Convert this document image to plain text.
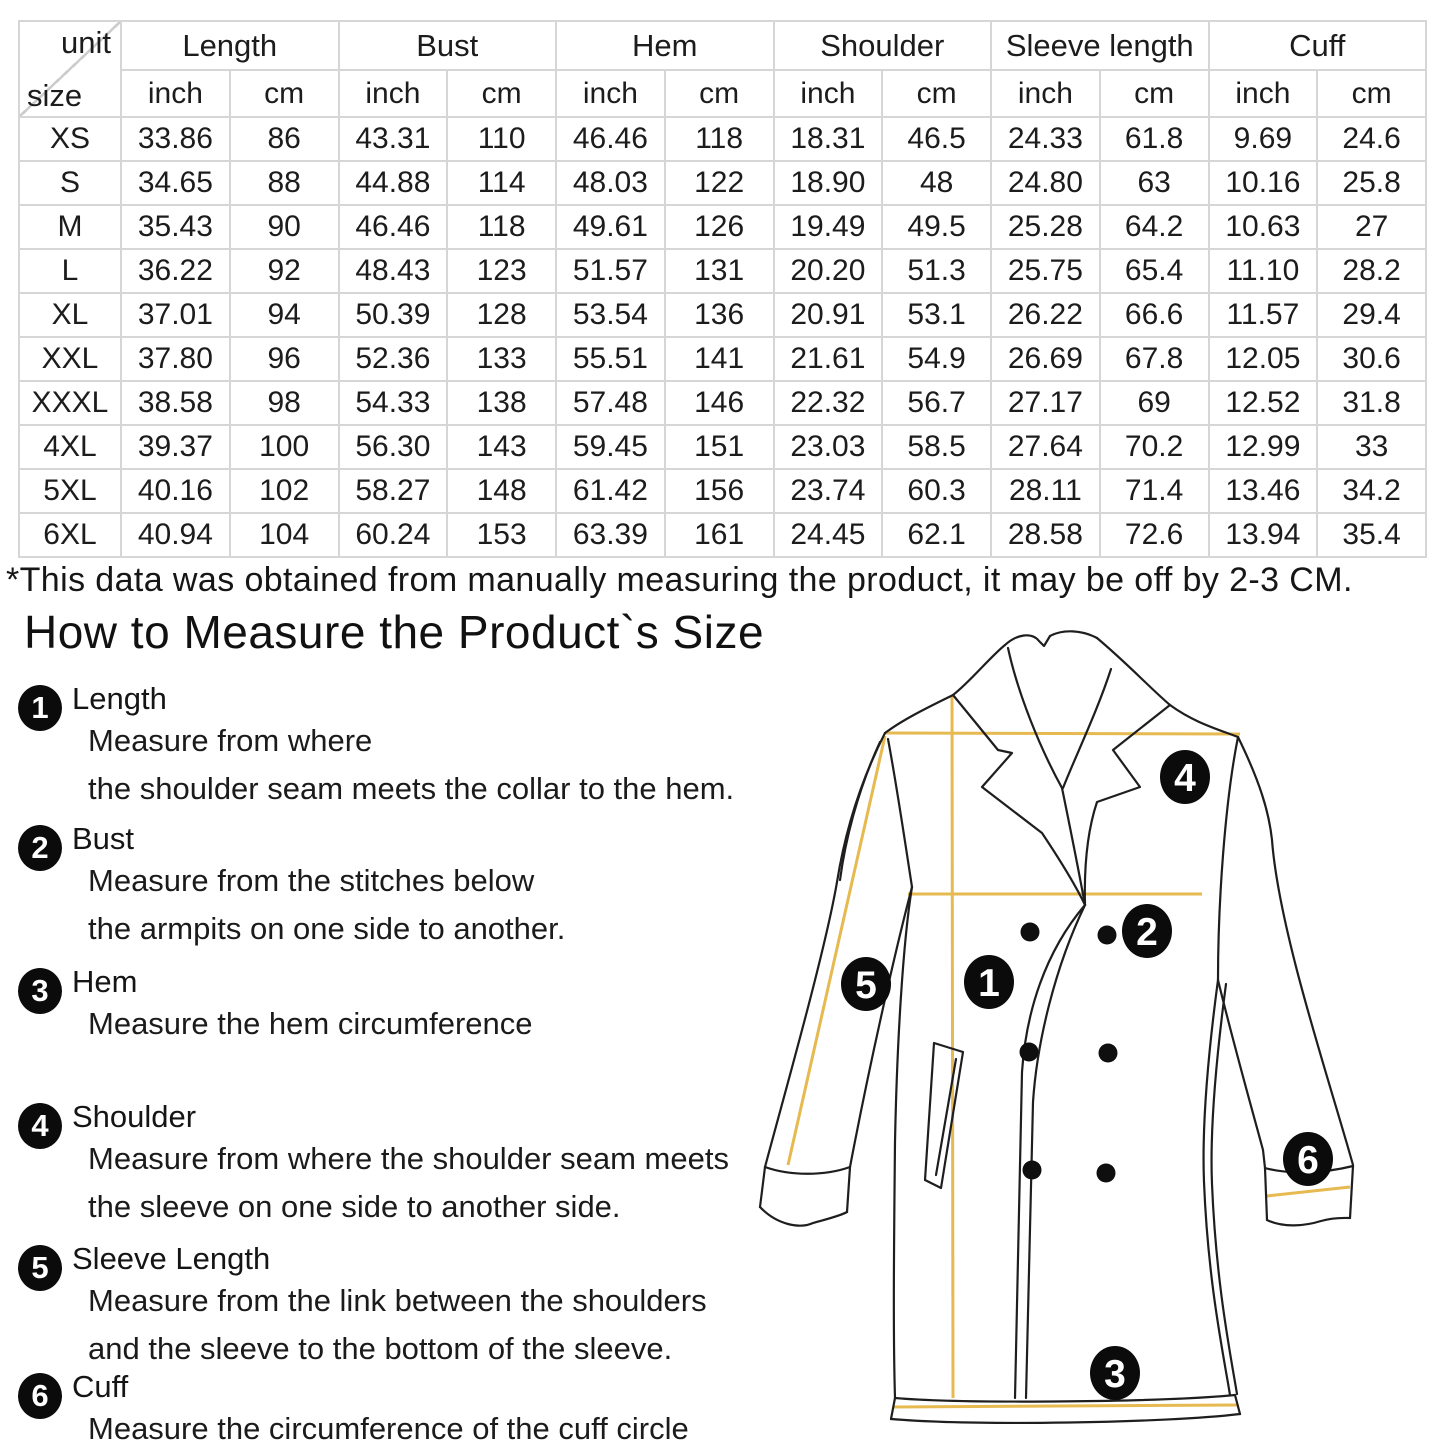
unit
size	Length		Bust		Hem		Shoulder		Sleeve length		Cuff	
	inch	cm	inch	cm	inch	cm	inch	cm	inch	cm	inch	cm
XS	33.86	86	43.31	110	46.46	118	18.31	46.5	24.33	61.8	9.69	24.6
S	34.65	88	44.88	114	48.03	122	18.90	48	24.80	63	10.16	25.8
M	35.43	90	46.46	118	49.61	126	19.49	49.5	25.28	64.2	10.63	27
L	36.22	92	48.43	123	51.57	131	20.20	51.3	25.75	65.4	11.10	28.2
XL	37.01	94	50.39	128	53.54	136	20.91	53.1	26.22	66.6	11.57	29.4
XXL	37.80	96	52.36	133	55.51	141	21.61	54.9	26.69	67.8	12.05	30.6
XXXL	38.58	98	54.33	138	57.48	146	22.32	56.7	27.17	69	12.52	31.8
4XL	39.37	100	56.30	143	59.45	151	23.03	58.5	27.64	70.2	12.99	33
5XL	40.16	102	58.27	148	61.42	156	23.74	60.3	28.11	71.4	13.46	34.2
6XL	40.94	104	60.24	153	63.39	161	24.45	62.1	28.58	72.6	13.94	35.4
*This data was obtained from manually measuring the product, it may be off by 2-3 CM.
How to Measure the Product`s Size
1 Length
Measure from where
the shoulder seam meets the collar to the hem.
2 Bust
Measure from the stitches below
the armpits on one side to another.
3 Hem
Measure the hem circumference
4 Shoulder
Measure from where the shoulder seam meets
the sleeve on one side to another side.
5 Sleeve Length
Measure from the link between the shoulders
and the sleeve to the bottom of the sleeve.
6 Cuff
Measure the circumference of the cuff circle
1
2
3
4
5
6
